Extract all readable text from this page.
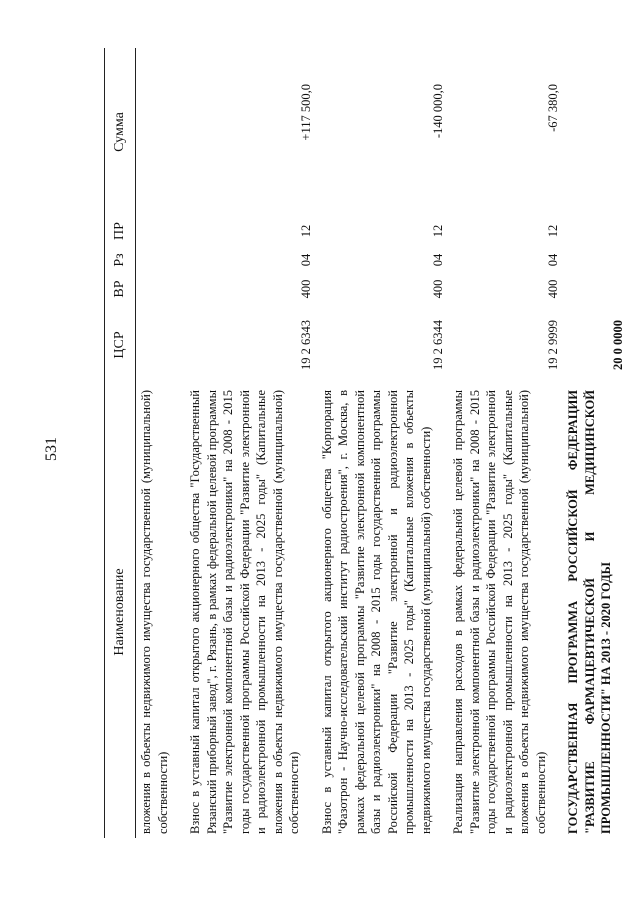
531
Наименование	ЦСР	ВР	Рз	ПР	Сумма
вложения в объекты недвижимого имущества государственной (муниципальной) собственности)					
Взнос в уставный капитал открытого акционерного общества "Государственный Рязанский приборный завод", г. Рязань, в рамках федеральной целевой программы "Развитие электронной компонентной базы и радиоэлектроники" на 2008 - 2015 годы государственной программы Российской Федерации "Развитие электронной и радиоэлектронной промышленности на 2013 - 2025 годы" (Капитальные вложения в объекты недвижимого имущества государственной (муниципальной) собственности)	19 2 6343	400	04	12	+117 500,0
Взнос в уставный капитал открытого акционерного общества "Корпорация "Фазотрон - Научно-исследовательский институт радиостроения", г. Москва, в рамках федеральной целевой программы "Развитие электронной компонентной базы и радиоэлектроники" на 2008 - 2015 годы государственной программы Российской Федерации "Развитие электронной и радиоэлектронной промышленности на 2013 - 2025 годы" (Капитальные вложения в объекты недвижимого имущества государственной (муниципальной) собственности)	19 2 6344	400	04	12	-140 000,0
Реализация направления расходов в рамках федеральной целевой программы "Развитие электронной компонентной базы и радиоэлектроники" на 2008 - 2015 годы государственной программы Российской Федерации "Развитие электронной и радиоэлектронной промышленности на 2013 - 2025 годы" (Капитальные вложения в объекты недвижимого имущества государственной (муниципальной) собственности)	19 2 9999	400	04	12	-67 380,0
ГОСУДАРСТВЕННАЯ ПРОГРАММА РОССИЙСКОЙ ФЕДЕРАЦИИ "РАЗВИТИЕ ФАРМАЦЕВТИЧЕСКОЙ И МЕДИЦИНСКОЙ ПРОМЫШЛЕННОСТИ" НА 2013 - 2020 ГОДЫ	20 0 0000				
